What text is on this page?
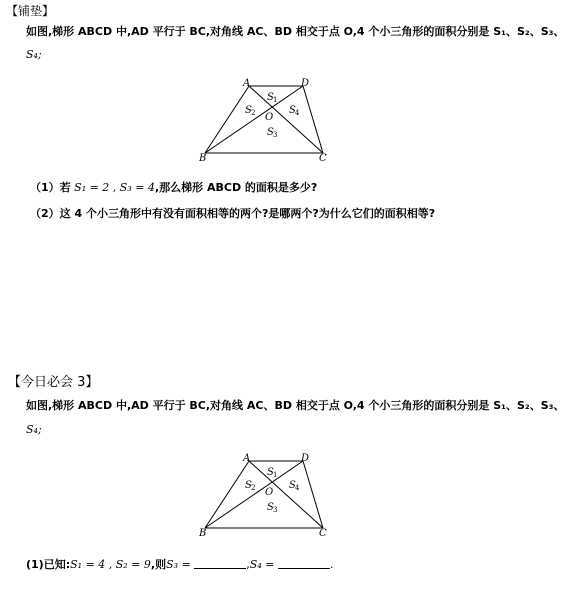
【铺垫】
如图,梯形 ABCD 中,AD 平行于 BC,对角线 AC、BD 相交于点 O,4 个小三角形的面积分别是 S₁、S₂、S₃、
S₄;
A	D
B	C
O
S 1
S 2	S 4
S 3
（1）若 S₁ = 2 , S₃ = 4,那么梯形 ABCD 的面积是多少?
（2）这 4 个小三角形中有没有面积相等的两个?是哪两个?为什么它们的面积相等?
【今日必会 3】
如图,梯形 ABCD 中,AD 平行于 BC,对角线 AC、BD 相交于点 O,4 个小三角形的面积分别是 S₁、S₂、S₃、
S₄;
A	D
B	C
O
S 1
S 2	S 4
S 3
(1)已知:S₁ = 4 , S₂ = 9,则S₃ =	,S₄ =	.
